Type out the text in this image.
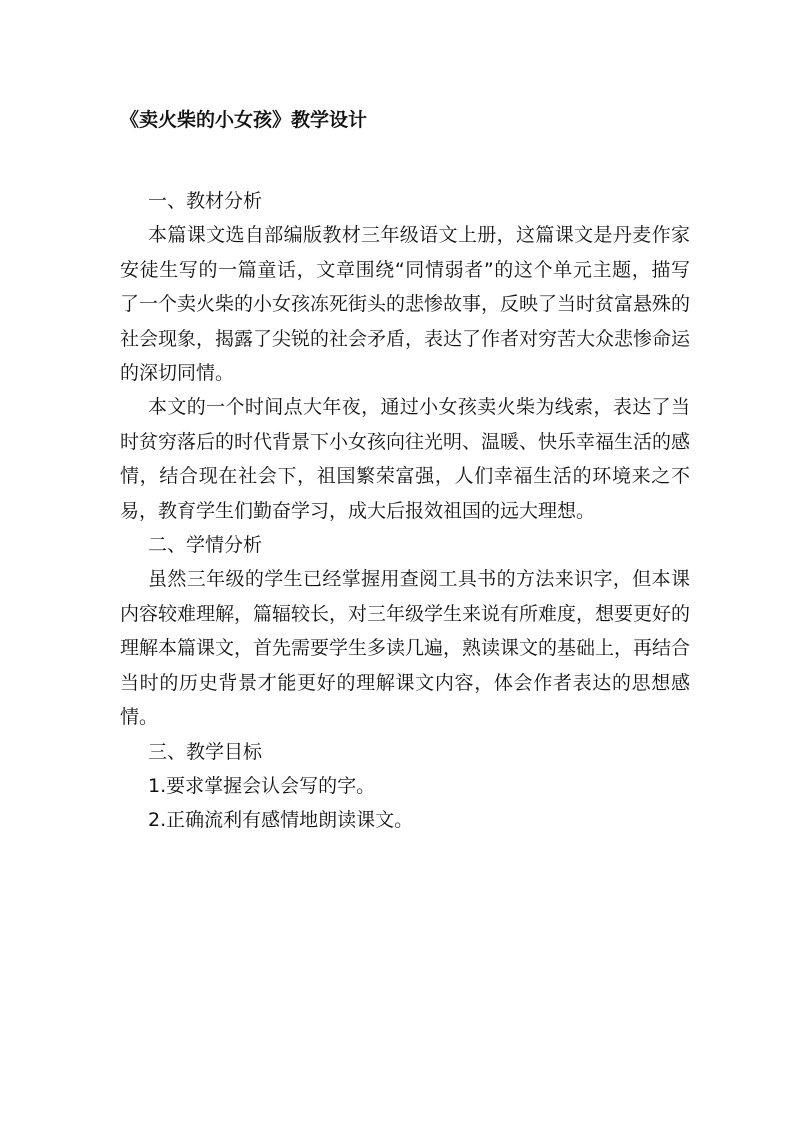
《卖火柴的小女孩》教学设计

一、教材分析

本篇课文选自部编版教材三年级语文上册，这篇课文是丹麦作家安徒生写的一篇童话，文章围绕“同情弱者”的这个单元主题，描写 了一个卖火柴的小女孩冻死街头的悲惨故事，反映了当时贫富悬殊的社会现象，揭露了尖锐的社会矛盾，表达了作者对穷苦大众悲惨命运的深切同情。

本文的一个时间点大年夜，通过小女孩卖火柴为线索，表达了当时贫穷落后的时代背景下小女孩向往光明、温暖、快乐幸福生活的感情，结合现在社会下，祖国繁荣富强，人们幸福生活的环境来之不易，教育学生们勤奋学习，成大后报效祖国的远大理想。

二、学情分析

虽然三年级的学生已经掌握用查阅工具书的方法来识字，但本课内容较难理解，篇辐较长，对三年级学生来说有所难度，想要更好的理解本篇课文，首先需要学生多读几遍，熟读课文的基础上，再结合当时的历史背景才能更好的理解课文内容，体会作者表达的思想感情。

三、教学目标

1.要求掌握会认会写的字。

2.正确流利有感情地朗读课文。
